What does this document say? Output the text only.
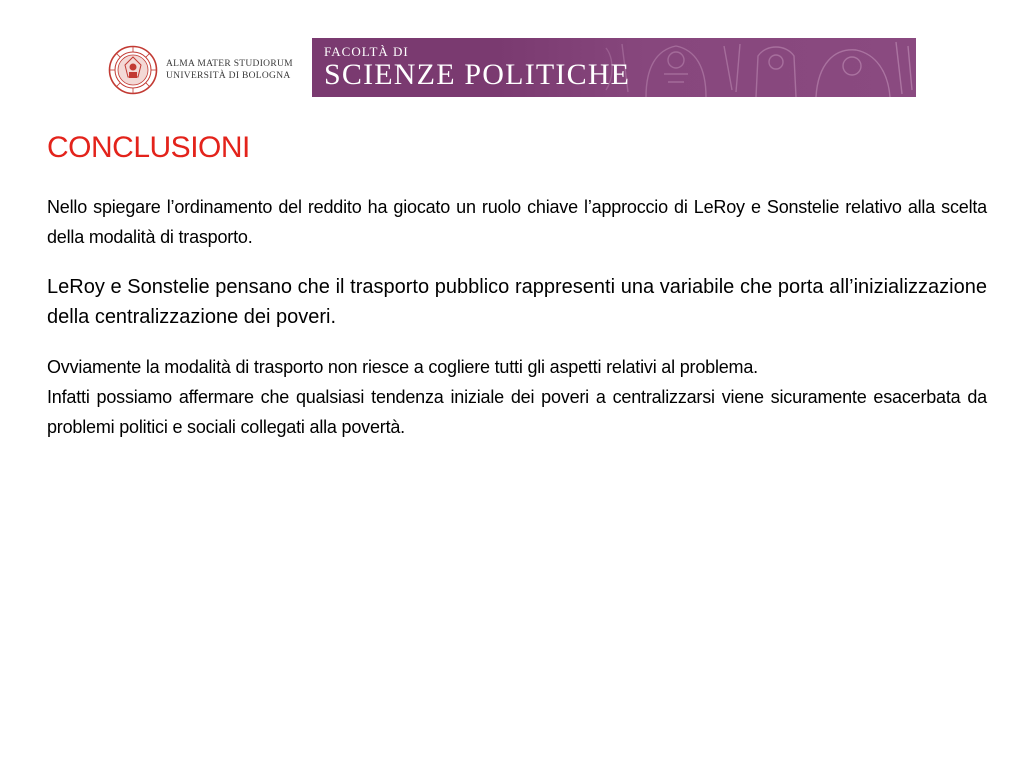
ALMA MATER STUDIORUM
UNIVERSITÀ DI BOLOGNA
FACOLTÀ DI
SCIENZE POLITICHE
CONCLUSIONI

Nello spiegare l’ordinamento del reddito ha giocato un ruolo chiave l’approccio di LeRoy e Sonstelie relativo alla scelta della modalità di trasporto.

LeRoy e Sonstelie pensano che il trasporto pubblico rappresenti una variabile che porta all’inizializzazione della centralizzazione dei poveri.

Ovviamente la modalità di trasporto non riesce a cogliere tutti gli aspetti relativi al problema.

Infatti possiamo affermare che qualsiasi tendenza iniziale dei poveri a centralizzarsi viene sicuramente esacerbata da problemi politici e sociali collegati alla povertà.
